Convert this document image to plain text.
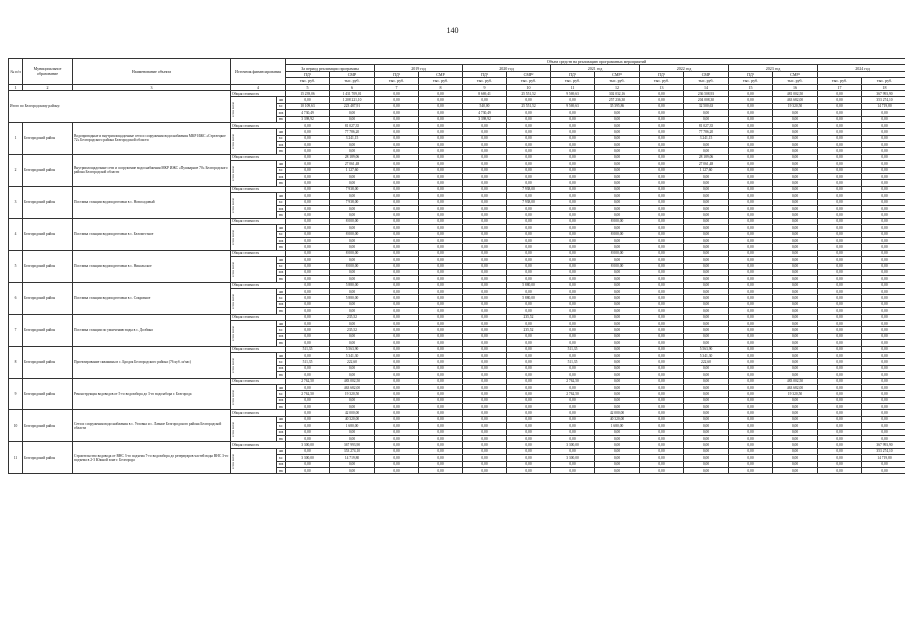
140
№ п/п	Муниципальное образование	Наименование объекта	Источник финансирования		Объем средств на реализацию программных мероприятий													
					За период реализации программы		2019 год		2020 год		2021 год		2022 год		2023 год		2024 год	
					ПД¹	СМР	ПД¹	СМР	ПД¹	СМР²	ПД¹	СМР²	ПД¹	СМР	ПД¹	СМР²		
					тыс. руб.	тыс. руб.	тыс. руб.	тыс. руб.	тыс. руб.	тыс. руб.	тыс. руб.	тыс. руб.	тыс. руб.	тыс. руб.	тыс. руб.	тыс. руб.	тыс. руб.	тыс. руб.
1	2	3	4		5	6	7	8	9	10	11	12	13	14	15	16	17	18
Итого по Белгородскому району:			Общая стоимость		15 239,06	1 431 709,01	0,00	0,00	8 669,41	25 551,52	9 569,63	302 032,16	0,00	236 508,93	0,00	481 002,50	0,00	367 993,90

			в том числе	ФБ	0,00	1 208 221,10	0,00	0,00	0,00	0,00	0,00	257 236,30	0,00	204 008,30	0,00	463 682,00	0,00	353 274,10
				БС	10 109,63	223 487,91	0,00	0,00	540,00	25 551,52	9 569,63	35 395,86	0,00	32 500,63	0,00	19 320,50	0,00	14 719,80
				МБ	4 730,49	0,00	0,00	0,00	4 730,49	0,00	0,00	0,00	0,00	0,00	0,00	0,00	0,00	0,00
				ВБ	3 398,92	0,00	0,00	0,00	3 398,92	0,00	0,00	0,00	0,00	0,00	0,00	0,00	0,00	0,00
1	Белгородский район	Водопроводные и внутриплощадочные сети и сооружения водоснабжения МКР ИЖС «Стрелецкое 72» Белгородского района Белгородской области	Общая стоимость		0,00	81 027,35	0,00	0,00	0,00	0,00	0,00	0,00	0,00	81 027,35	0,00	0,00	0,00	0,00

			в том числе	ФБ	0,00	77 786,20	0,00	0,00	0,00	0,00	0,00	0,00	0,00	77 786,20	0,00	0,00	0,00	0,00
				БС	0,00	3 241,15	0,00	0,00	0,00	0,00	0,00	0,00	0,00	3 241,15	0,00	0,00	0,00	0,00
				МБ	0,00	0,00	0,00	0,00	0,00	0,00	0,00	0,00	0,00	0,00	0,00	0,00	0,00	0,00
				ВБ	0,00	0,00	0,00	0,00	0,00	0,00	0,00	0,00	0,00	0,00	0,00	0,00	0,00	0,00
2	Белгородский район	Внутриплощадочные сети и сооружение водоснабжения МКР ИЖС «Пушкарное 70» Белгородского района Белгородской области	Общая стоимость		0,00	28 189,06	0,00	0,00	0,00	0,00	0,00	0,00	0,00	28 189,06	0,00	0,00	0,00	0,00

			в том числе	ФБ	0,00	27 061,48	0,00	0,00	0,00	0,00	0,00	0,00	0,00	27 061,48	0,00	0,00	0,00	0,00
				БС	0,00	1 127,60	0,00	0,00	0,00	0,00	0,00	0,00	0,00	1 127,60	0,00	0,00	0,00	0,00
				МБ	0,00	0,00	0,00	0,00	0,00	0,00	0,00	0,00	0,00	0,00	0,00	0,00	0,00	0,00
				ВБ	0,00	0,00	0,00	0,00	0,00	0,00	0,00	0,00	0,00	0,00	0,00	0,00	0,00	0,00
3	Белгородский район	Поставка станции водоподготовки в с. Новосадовый	Общая стоимость		0,00	7 938,00	0,00	0,00	0,00	7 938,00	0,00	0,00	0,00	0,00	0,00	0,00	0,00	0,00

			в том числе	ФБ	0,00	0,00	0,00	0,00	0,00	0,00	0,00	0,00	0,00	0,00	0,00	0,00	0,00	0,00
				БС	0,00	7 938,00	0,00	0,00	0,00	7 938,00	0,00	0,00	0,00	0,00	0,00	0,00	0,00	0,00
				МБ	0,00	0,00	0,00	0,00	0,00	0,00	0,00	0,00	0,00	0,00	0,00	0,00	0,00	0,00
				ВБ	0,00	0,00	0,00	0,00	0,00	0,00	0,00	0,00	0,00	0,00	0,00	0,00	0,00	0,00
4	Белгородский район	Поставка станции водоподготовки в с. Беломестное	Общая стоимость		0,00	8 000,00	0,00	0,00	0,00	0,00	0,00	8 000,00	0,00	0,00	0,00	0,00	0,00	0,00

			в том числе	ФБ	0,00	0,00	0,00	0,00	0,00	0,00	0,00	0,00	0,00	0,00	0,00	0,00	0,00	0,00
				БС	0,00	8 000,00	0,00	0,00	0,00	0,00	0,00	8 000,00	0,00	0,00	0,00	0,00	0,00	0,00
				МБ	0,00	0,00	0,00	0,00	0,00	0,00	0,00	0,00	0,00	0,00	0,00	0,00	0,00	0,00
				ВБ	0,00	0,00	0,00	0,00	0,00	0,00	0,00	0,00	0,00	0,00	0,00	0,00	0,00	0,00
5	Белгородский район	Поставка станции водоподготовки в с. Никольское	Общая стоимость		0,00	8 000,00	0,00	0,00	0,00	0,00	0,00	8 000,00	0,00	0,00	0,00	0,00	0,00	0,00

			в том числе	ФБ	0,00	0,00	0,00	0,00	0,00	0,00	0,00	0,00	0,00	0,00	0,00	0,00	0,00	0,00
				БС	0,00	8 000,00	0,00	0,00	0,00	0,00	0,00	8 000,00	0,00	0,00	0,00	0,00	0,00	0,00
				МБ	0,00	0,00	0,00	0,00	0,00	0,00	0,00	0,00	0,00	0,00	0,00	0,00	0,00	0,00
				ВБ	0,00	0,00	0,00	0,00	0,00	0,00	0,00	0,00	0,00	0,00	0,00	0,00	0,00	0,00
6	Белгородский район	Поставка станции водоподготовки в с. Сокровное	Общая стоимость		0,00	5 880,00	0,00	0,00	0,00	5 880,00	0,00	0,00	0,00	0,00	0,00	0,00	0,00	0,00

			в том числе	ФБ	0,00	0,00	0,00	0,00	0,00	0,00	0,00	0,00	0,00	0,00	0,00	0,00	0,00	0,00
				БС	0,00	5 880,00	0,00	0,00	0,00	5 880,00	0,00	0,00	0,00	0,00	0,00	0,00	0,00	0,00
				МБ	0,00	0,00	0,00	0,00	0,00	0,00	0,00	0,00	0,00	0,00	0,00	0,00	0,00	0,00
				ВБ	0,00	0,00	0,00	0,00	0,00	0,00	0,00	0,00	0,00	0,00	0,00	0,00	0,00	0,00
7	Белгородский район	Поставка станции по умягчению воды в с. Долбино	Общая стоимость		0,00	235,52	0,00	0,00	0,00	235,52	0,00	0,00	0,00	0,00	0,00	0,00	0,00	0,00

			в том числе	ФБ	0,00	0,00	0,00	0,00	0,00	0,00	0,00	0,00	0,00	0,00	0,00	0,00	0,00	0,00
				БС	0,00	235,52	0,00	0,00	0,00	235,52	0,00	0,00	0,00	0,00	0,00	0,00	0,00	0,00
				МБ	0,00	0,00	0,00	0,00	0,00	0,00	0,00	0,00	0,00	0,00	0,00	0,00	0,00	0,00
				ВБ	0,00	0,00	0,00	0,00	0,00	0,00	0,00	0,00	0,00	0,00	0,00	0,00	0,00	0,00
8	Белгородский район	Проектирование скважины в с. Бродок Белгородского района (76 куб. м/час)	Общая стоимость		511,35	5 563,90	0,00	0,00	0,00	0,00	511,35	0,00	0,00	5 563,90	0,00	0,00	0,00	0,00

			в том числе	ФБ	0,00	5 341,30	0,00	0,00	0,00	0,00	0,00	0,00	0,00	5 341,30	0,00	0,00	0,00	0,00
				БС	511,35	222,60	0,00	0,00	0,00	0,00	511,35	0,00	0,00	222,60	0,00	0,00	0,00	0,00
				МБ	0,00	0,00	0,00	0,00	0,00	0,00	0,00	0,00	0,00	0,00	0,00	0,00	0,00	0,00
				ВБ	0,00	0,00	0,00	0,00	0,00	0,00	0,00	0,00	0,00	0,00	0,00	0,00	0,00	0,00
9	Белгородский район	Реконструкция водоводов от 5-го водозабора до 3-го водозабора г. Белгорода	Общая стоимость		2 762,50	483 002,50	0,00	0,00	0,00	0,00	2 762,50	0,00	0,00	0,00	0,00	483 002,50	0,00	0,00

			в том числе	ФБ	0,00	463 682,00	0,00	0,00	0,00	0,00	0,00	0,00	0,00	0,00	0,00	463 682,00	0,00	0,00
				БС	2 762,50	19 320,50	0,00	0,00	0,00	0,00	2 762,50	0,00	0,00	0,00	0,00	19 320,50	0,00	0,00
				МБ	0,00	0,00	0,00	0,00	0,00	0,00	0,00	0,00	0,00	0,00	0,00	0,00	0,00	0,00
				ВБ	0,00	0,00	0,00	0,00	0,00	0,00	0,00	0,00	0,00	0,00	0,00	0,00	0,00	0,00
10	Белгородский район	Сети и сооружения водоснабжения в с. Угловка и с. Лавное Белгородского района Белгородской области	Общая стоимость		0,00	42 000,00	0,00	0,00	0,00	0,00	0,00	42 000,00	0,00	0,00	0,00	0,00	0,00	0,00

			в том числе	ФБ	0,00	40 320,00	0,00	0,00	0,00	0,00	0,00	40 320,00	0,00	0,00	0,00	0,00	0,00	0,00
				БС	0,00	1 680,00	0,00	0,00	0,00	0,00	0,00	1 680,00	0,00	0,00	0,00	0,00	0,00	0,00
				МБ	0,00	0,00	0,00	0,00	0,00	0,00	0,00	0,00	0,00	0,00	0,00	0,00	0,00	0,00
				ВБ	0,00	0,00	0,00	0,00	0,00	0,00	0,00	0,00	0,00	0,00	0,00	0,00	0,00	0,00
11	Белгородский район	Строительство водовода от ВНС 3-го подъема 7-го водозабора до резервуаров частей воды ВНС 3-го подъема в 2-3 Южной зоне г. Белгорода	Общая стоимость		3 300,00	367 993,90	0,00	0,00	0,00	0,00	3 300,00	0,00	0,00	0,00	0,00	0,00	0,00	367 993,90

			в том числе	ФБ	0,00	353 274,10	0,00	0,00	0,00	0,00	0,00	0,00	0,00	0,00	0,00	0,00	0,00	353 274,10
				БС	3 300,00	14 719,80	0,00	0,00	0,00	0,00	3 300,00	0,00	0,00	0,00	0,00	0,00	0,00	14 719,80
				МБ	0,00	0,00	0,00	0,00	0,00	0,00	0,00	0,00	0,00	0,00	0,00	0,00	0,00	0,00
				ВБ	0,00	0,00	0,00	0,00	0,00	0,00	0,00	0,00	0,00	0,00	0,00	0,00	0,00	0,00
